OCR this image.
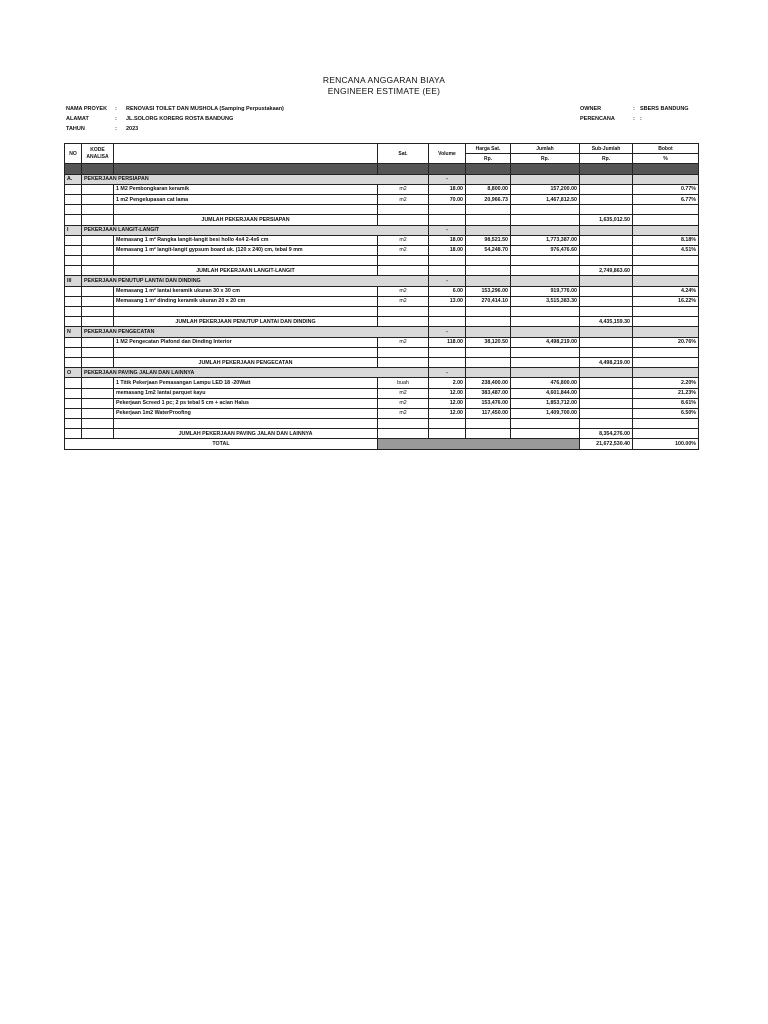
RENCANA ANGGARAN BIAYA
ENGINEER ESTIMATE (EE)
NAMA PROYEK : RENOVASI TOILET DAN MUSHOLA (Samping Perpustakaan)
ALAMAT	: JL.SOLORG KORERG ROSTA BANDUNG
TAHUN	: 2023
OWNER	: SBERS BANDUNG
PERENCANA	: :
NO	KODE ANALISA		Sat.	Volume	Harga Sat.	Jumlah	Sub-Jumlah	Bobot
					Rp.	Rp.	Rp.	%

A.	PEKERJAAN PERSIAPAN			-				
		1 M2 Pembongkaran keramik	m2	18.00	8,800.00	157,200.00		0.77%
		1 m2 Pengelupasan cat lama	m2	70.00	20,966.73	1,467,812.50		6.77%

		JUMLAH PEKERJAAN PERSIAPAN					1,635,012.50	
I	PEKERJAAN LANGIT-LANGIT			-				
		Memasang 1 m² Rangka langit-langit besi hollo 4x4 2-4x6 cm	m2	18.00	98,521.50	1,773,387.00		8.18%
		Memasang 1 m² langit-langit gypsum board uk. (120 x 240) cm, tebal 9 mm	m2	18.00	54,248.70	976,476.60		4.51%

		JUMLAH PEKERJAAN LANGIT-LANGIT					2,749,863.60	
III	PEKERJAAN PENUTUP LANTAI DAN DINDING			-				
		Memasang 1 m² lantai keramik ukuran 30 x 30 cm	m2	6.00	153,296.00	919,776.00		4.24%
		Memasang 1 m² dinding keramik ukuran 20 x 20 cm	m2	13.00	270,414.10	3,515,383.30		16.22%

		JUMLAH PEKERJAAN PENUTUP LANTAI DAN DINDING					4,435,159.30	
N	PEKERJAAN PENGECATAN			-				
		1 M2 Pengecatan Plafond dan Dinding Interior	m2	118.00	38,120.50	4,498,219.00		20.76%

		JUMLAH PEKERJAAN PENGECATAN					4,498,219.00	
O	PEKERJAAN PAVING JALAN DAN LAINNYA			-				
		1 Titik Pekerjaan Pemasangan Lampu LED 18 -20Watt	buah	2.00	238,400.00	476,800.00		2.20%
		memasang 1m2 lantai parquet kayu	m2	12.00	383,487.00	4,601,844.00		21.23%
		Pekerjaan Screed 1 pc; 2 ps tebal 5 cm + acian Halus	m2	12.00	153,476.00	1,853,712.00		8.61%
		Pekerjaan 1m2 WaterProofing	m2	12.00	117,450.00	1,409,700.00		6.50%

		JUMLAH PEKERJAAN PAVING JALAN DAN LAINNYA					8,354,276.00	
TOTAL							21,672,530.40	100.00%
